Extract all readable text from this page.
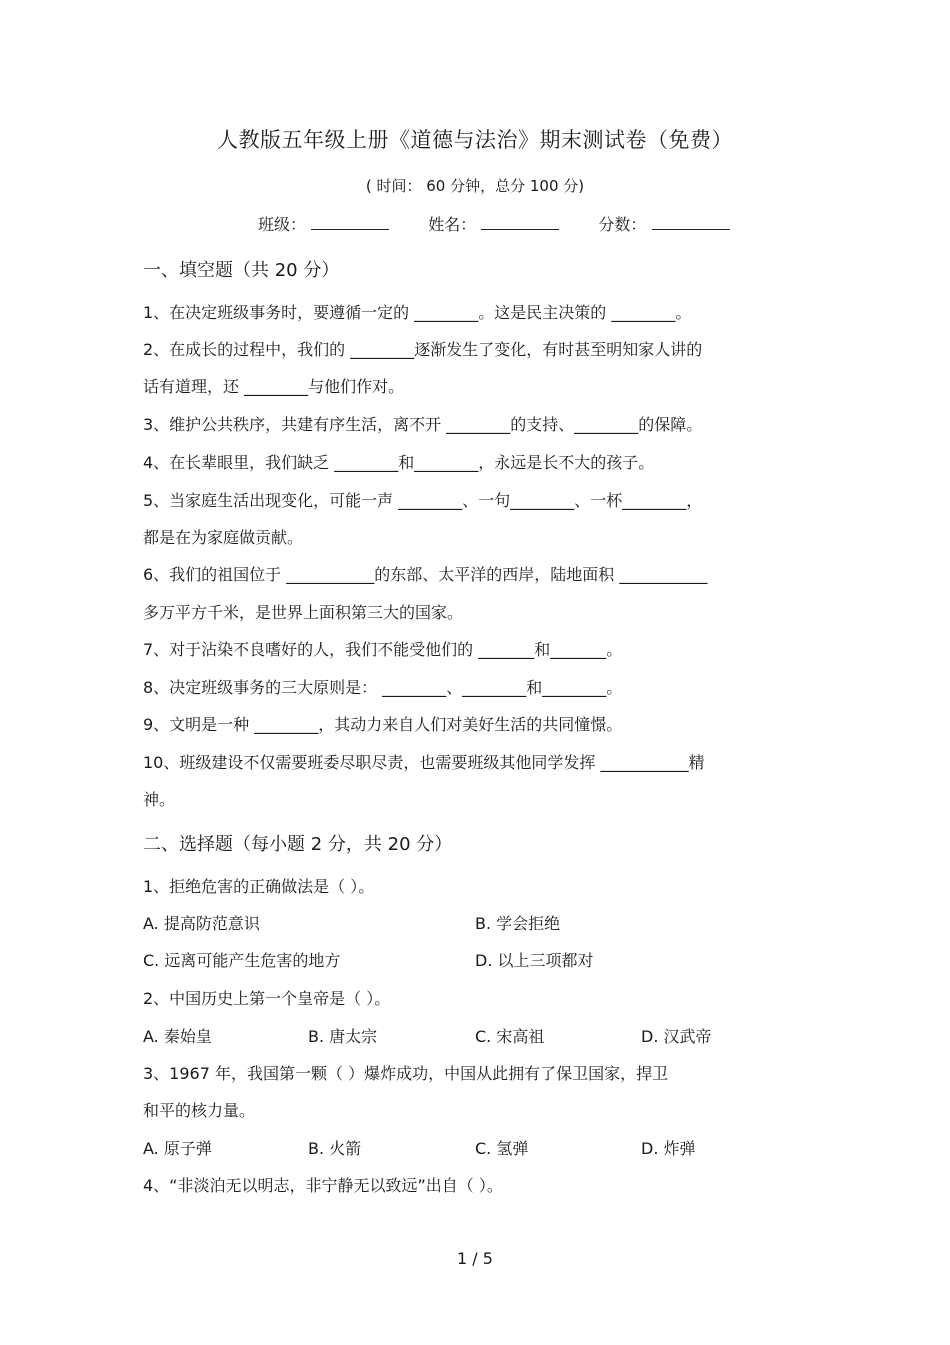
人教版五年级上册《道德与法治》期末测试卷（免费）
( 时间： 60 分钟，总分 100 分)
班级：	姓名：	分数：
一、填空题（共 20 分）
1、在决定班级事务时，要遵循一定的 ________。这是民主决策的 ________。
2、在成长的过程中，我们的 ________逐渐发生了变化，有时甚至明知家人讲的
话有道理，还 ________与他们作对。
3、维护公共秩序，共建有序生活，离不开 ________的支持、________的保障。
4、在长辈眼里，我们缺乏 ________和________，永远是长不大的孩子。
5、当家庭生活出现变化，可能一声 ________、一句________、一杯________，
都是在为家庭做贡献。
6、我们的祖国位于 ___________的东部、太平洋的西岸，陆地面积 ___________
多万平方千米，是世界上面积第三大的国家。
7、对于沾染不良嗜好的人，我们不能受他们的 _______和_______。
8、决定班级事务的三大原则是： ________、________和________。
9、文明是一种 ________，其动力来自人们对美好生活的共同憧憬。
10、班级建设不仅需要班委尽职尽责，也需要班级其他同学发挥 ___________精
神。
二、选择题（每小题 2 分，共 20 分）
1、拒绝危害的正确做法是（ ）。
A. 提高防范意识	B. 学会拒绝
C. 远离可能产生危害的地方	D. 以上三项都对
2、中国历史上第一个皇帝是（ ）。
A. 秦始皇	B. 唐太宗	C. 宋高祖	D. 汉武帝
3、1967 年，我国第一颗（ ）爆炸成功，中国从此拥有了保卫国家，捍卫
和平的核力量。
A. 原子弹	B. 火箭	C. 氢弹	D. 炸弹
4、“非淡泊无以明志，非宁静无以致远”出自（ ）。
1 / 5
